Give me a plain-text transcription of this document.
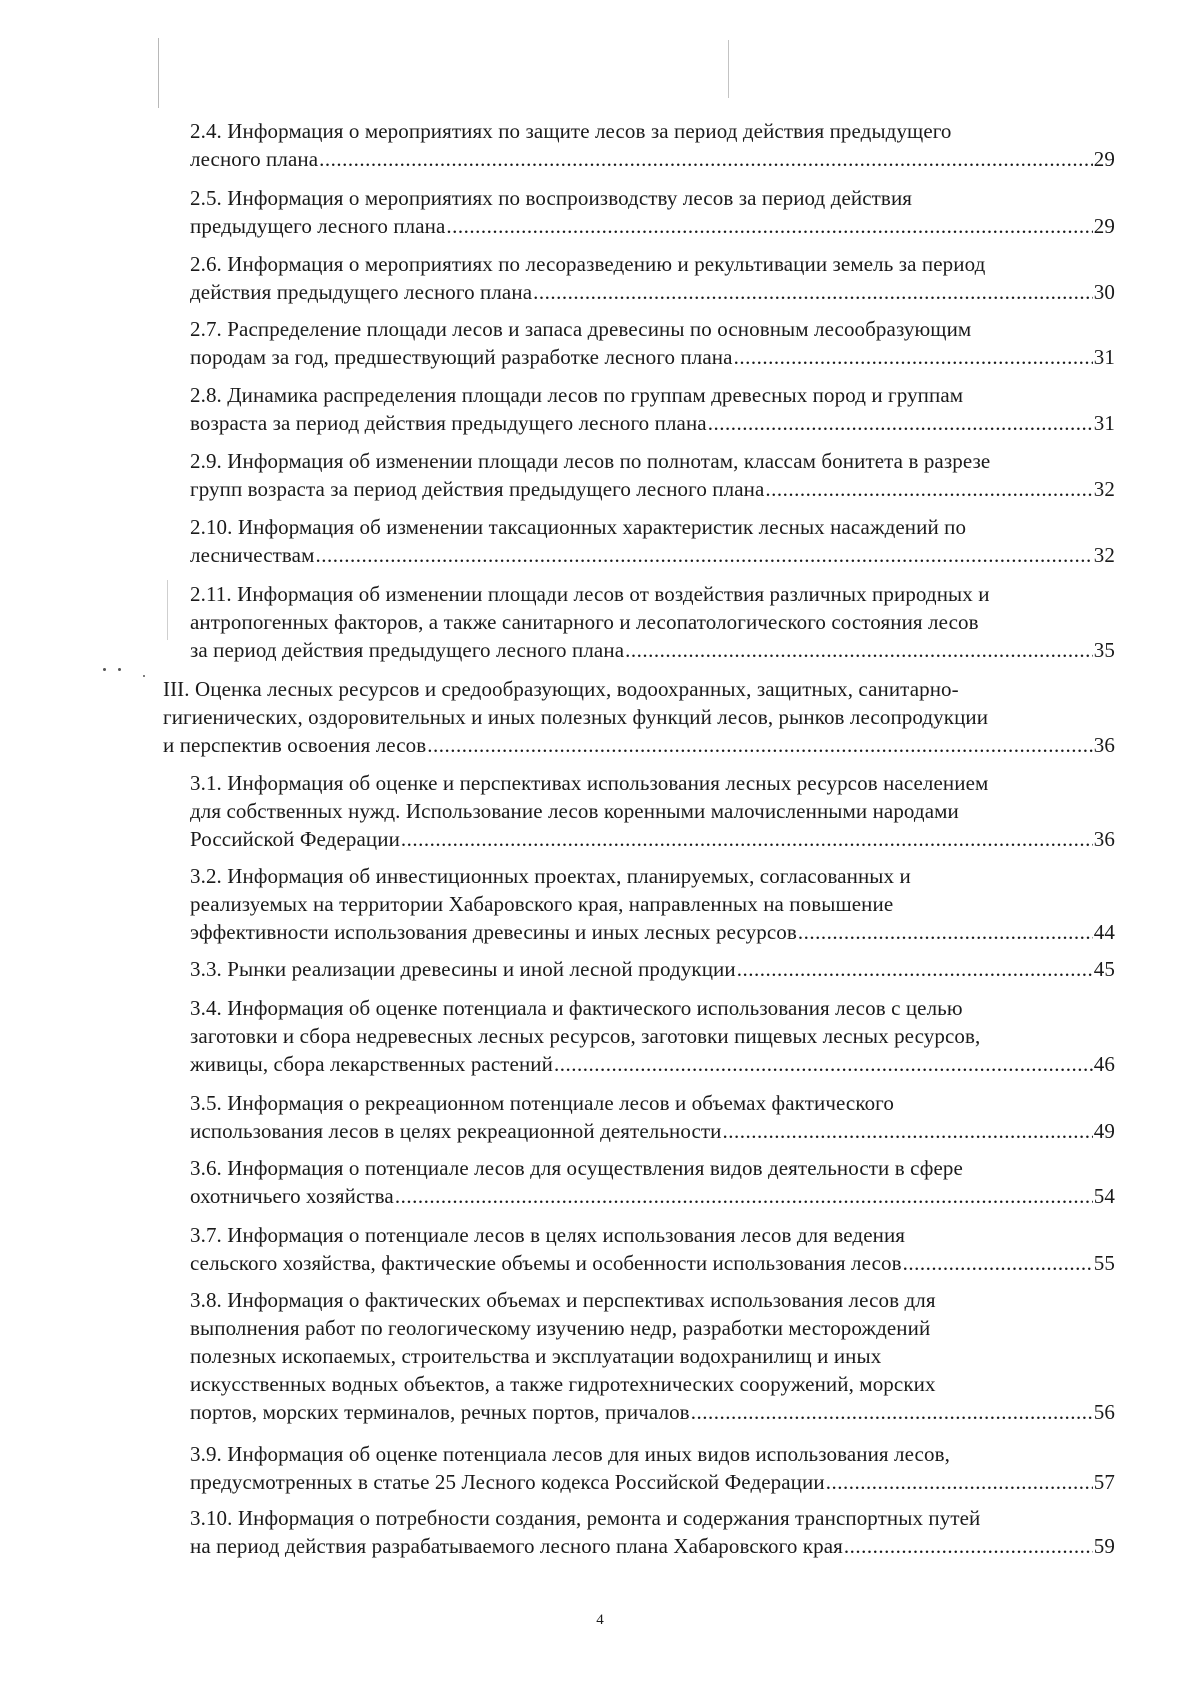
2.4. Информация о мероприятиях по защите лесов за период действия предыдущего
лесного плана .....	29
2.5. Информация о мероприятиях по воспроизводству лесов за период действия
предыдущего лесного плана .....	29
2.6. Информация о мероприятиях по лесоразведению и рекультивации земель за период
действия предыдущего лесного плана .....	30
2.7. Распределение площади лесов и запаса древесины по основным лесообразующим
породам за год, предшествующий разработке лесного плана .....	31
2.8. Динамика распределения площади лесов по группам древесных пород и группам
возраста за период действия предыдущего лесного плана .....	31
2.9. Информация об изменении площади лесов по полнотам, классам бонитета в разрезе
групп возраста за период действия предыдущего лесного плана .....	32
2.10. Информация об изменении таксационных характеристик лесных насаждений по
лесничествам .....	32
2.11. Информация об изменении площади лесов от воздействия различных природных и
антропогенных факторов, а также санитарного и лесопатологического состояния лесов
за период действия предыдущего лесного плана .....	35
III. Оценка лесных ресурсов и средообразующих, водоохранных, защитных, санитарно-
гигиенических, оздоровительных и иных полезных функций лесов, рынков лесопродукции
и перспектив освоения лесов .....	36
3.1. Информация об оценке и перспективах использования лесных ресурсов населением
для собственных нужд. Использование лесов коренными малочисленными народами
Российской Федерации .....	36
3.2. Информация об инвестиционных проектах, планируемых, согласованных и
реализуемых на территории Хабаровского края, направленных на повышение
эффективности использования древесины и иных лесных ресурсов .....	44
3.3. Рынки реализации древесины и иной лесной продукции .....	45
3.4. Информация об оценке потенциала и фактического использования лесов с целью
заготовки и сбора недревесных лесных ресурсов, заготовки пищевых лесных ресурсов,
живицы, сбора лекарственных растений .....	46
3.5. Информация о рекреационном потенциале лесов и объемах фактического
использования лесов в целях рекреационной деятельности .....	49
3.6. Информация о потенциале лесов для осуществления видов деятельности в сфере
охотничьего хозяйства .....	54
3.7. Информация о потенциале лесов в целях использования лесов для ведения
сельского хозяйства, фактические объемы и особенности использования лесов .....	55
3.8. Информация о фактических объемах и перспективах использования лесов для
выполнения работ по геологическому изучению недр, разработки месторождений
полезных ископаемых, строительства и эксплуатации водохранилищ и иных
искусственных водных объектов, а также гидротехнических сооружений, морских
портов, морских терминалов, речных портов, причалов .....	56
3.9. Информация об оценке потенциала лесов для иных видов использования лесов,
предусмотренных в статье 25 Лесного кодекса Российской Федерации .....	57
3.10. Информация о потребности создания, ремонта и содержания транспортных путей
на период действия разрабатываемого лесного плана Хабаровского края .....	59
4
